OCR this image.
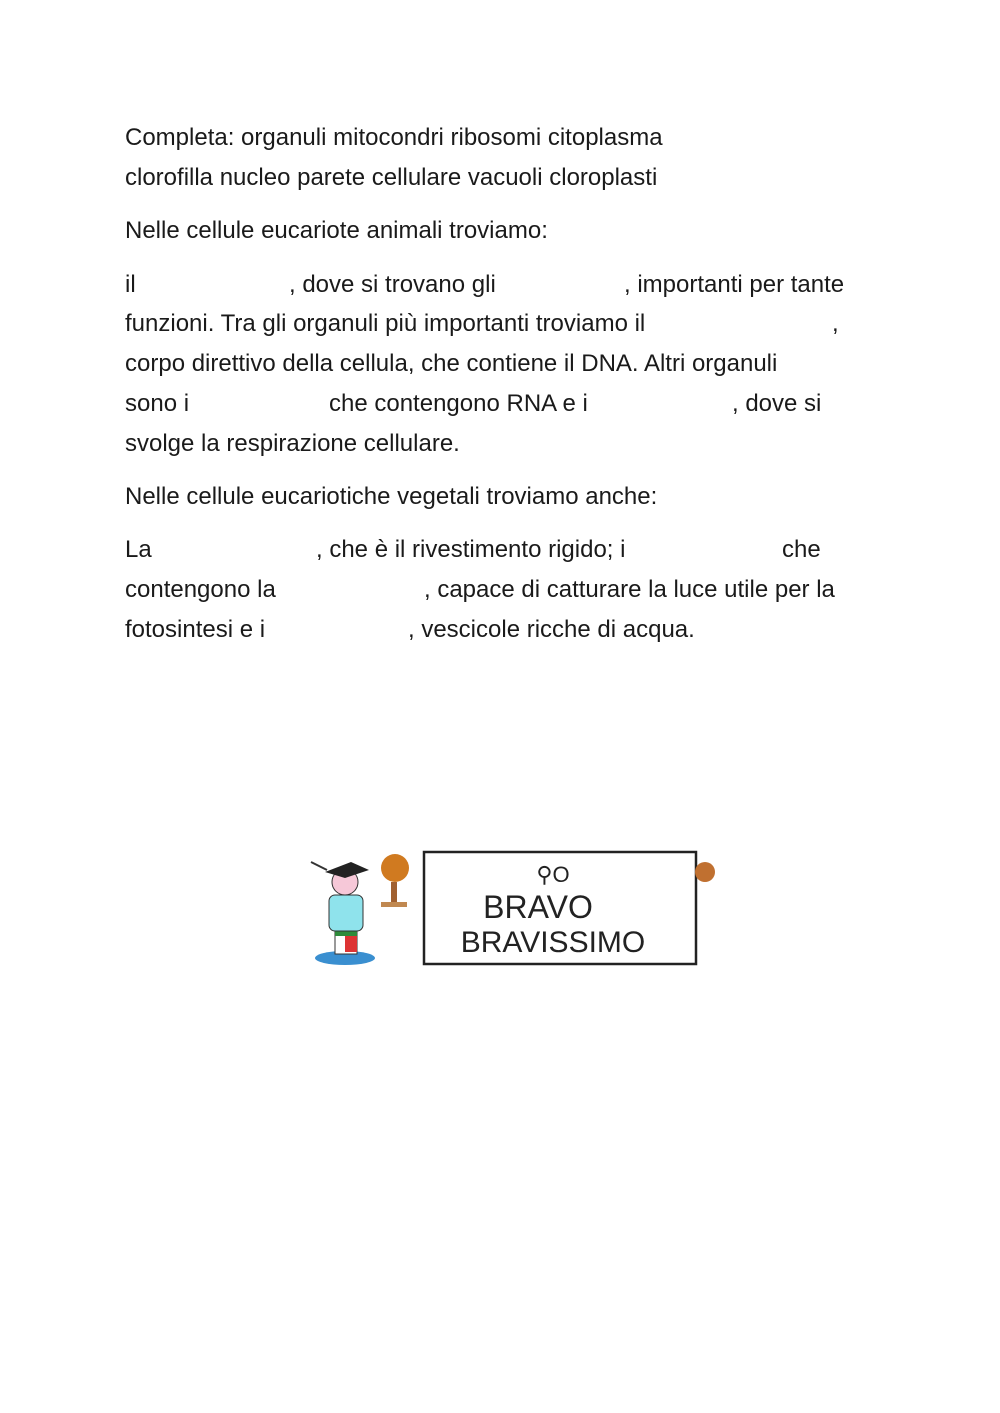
Completa: organuli mitocondri ribosomi citoplasma
clorofilla nucleo parete cellulare vacuoli cloroplasti
Nelle cellule eucariote animali troviamo:
il	, dove si trovano gli	, importanti per tante
funzioni. Tra gli organuli più importanti troviamo il	,
corpo direttivo della cellula, che contiene il DNA. Altri organuli
sono i	che contengono RNA e i	, dove si
svolge la respirazione cellulare.
Nelle cellule eucariotiche vegetali troviamo anche:
La	, che è il rivestimento rigido; i	che
contengono la	, capace di catturare la luce utile per la
fotosintesi e i	, vescicole ricche di acqua.
⚲O
BRAVO
BRAVISSIMO
